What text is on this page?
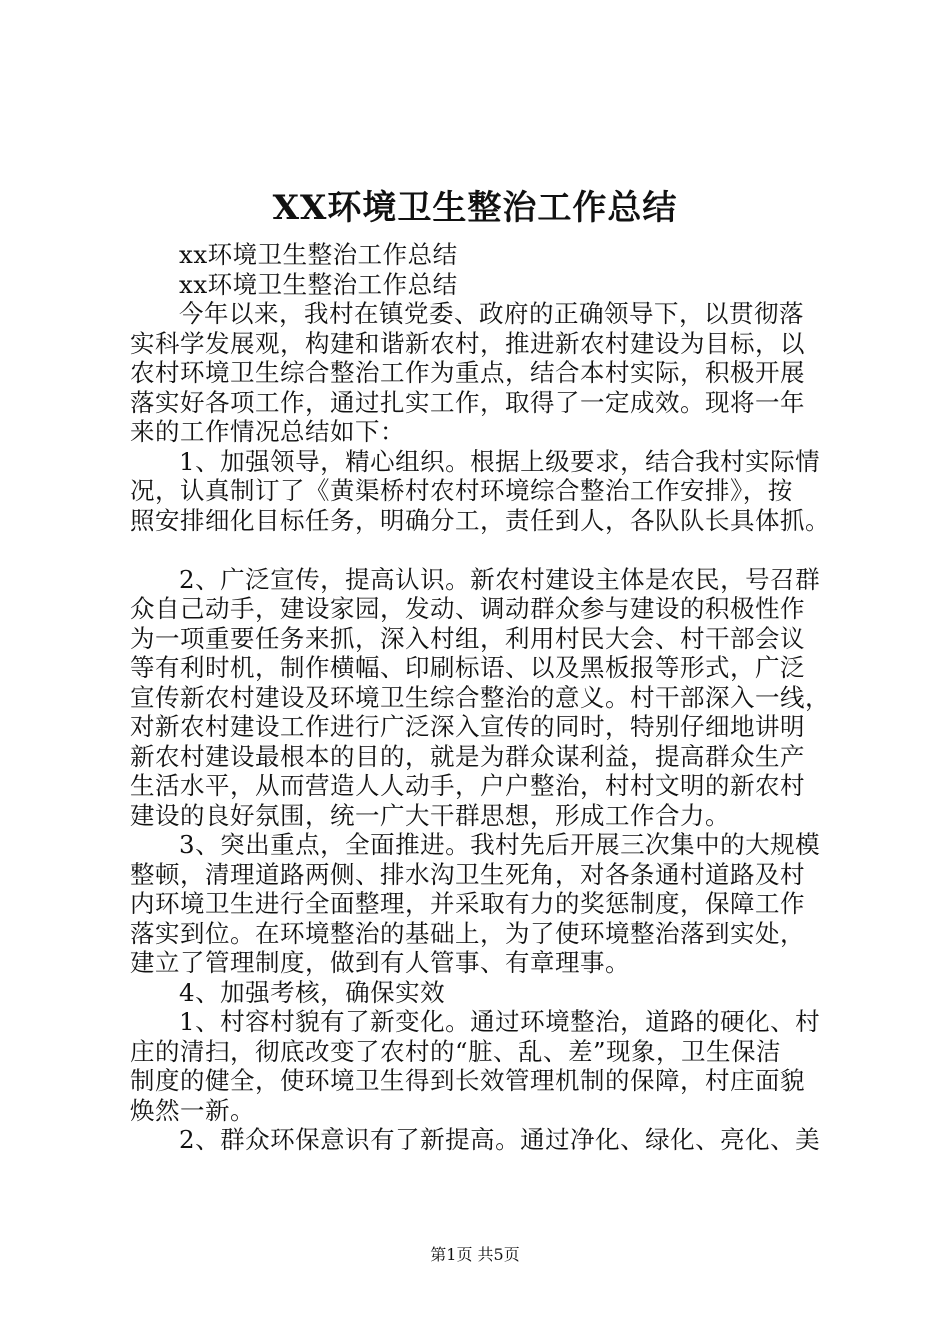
XX环境卫生整治工作总结
xx环境卫生整治工作总结
xx环境卫生整治工作总结
今年以来，我村在镇党委、政府的正确领导下，以贯彻落
实科学发展观，构建和谐新农村，推进新农村建设为目标，以
农村环境卫生综合整治工作为重点，结合本村实际，积极开展
落实好各项工作，通过扎实工作，取得了一定成效。现将一年
来的工作情况总结如下：
1、加强领导，精心组织。根据上级要求，结合我村实际情
况，认真制订了《黄渠桥村农村环境综合整治工作安排》，按
照安排细化目标任务，明确分工，责任到人，各队队长具体抓。
2、广泛宣传，提高认识。新农村建设主体是农民，号召群
众自己动手，建设家园，发动、调动群众参与建设的积极性作
为一项重要任务来抓，深入村组，利用村民大会、村干部会议
等有利时机，制作横幅、印刷标语、以及黑板报等形式，广泛
宣传新农村建设及环境卫生综合整治的意义。村干部深入一线，
对新农村建设工作进行广泛深入宣传的同时，特别仔细地讲明
新农村建设最根本的目的，就是为群众谋利益，提高群众生产
生活水平，从而营造人人动手，户户整治，村村文明的新农村
建设的良好氛围，统一广大干群思想，形成工作合力。
3、突出重点，全面推进。我村先后开展三次集中的大规模
整顿，清理道路两侧、排水沟卫生死角，对各条通村道路及村
内环境卫生进行全面整理，并采取有力的奖惩制度，保障工作
落实到位。在环境整治的基础上，为了使环境整治落到实处，
建立了管理制度，做到有人管事、有章理事。
4、加强考核，确保实效
1、村容村貌有了新变化。通过环境整治，道路的硬化、村
庄的清扫，彻底改变了农村的“脏、乱、差”现象，卫生保洁
制度的健全，使环境卫生得到长效管理机制的保障，村庄面貌
焕然一新。
2、群众环保意识有了新提高。通过净化、绿化、亮化、美
第1页 共5页
